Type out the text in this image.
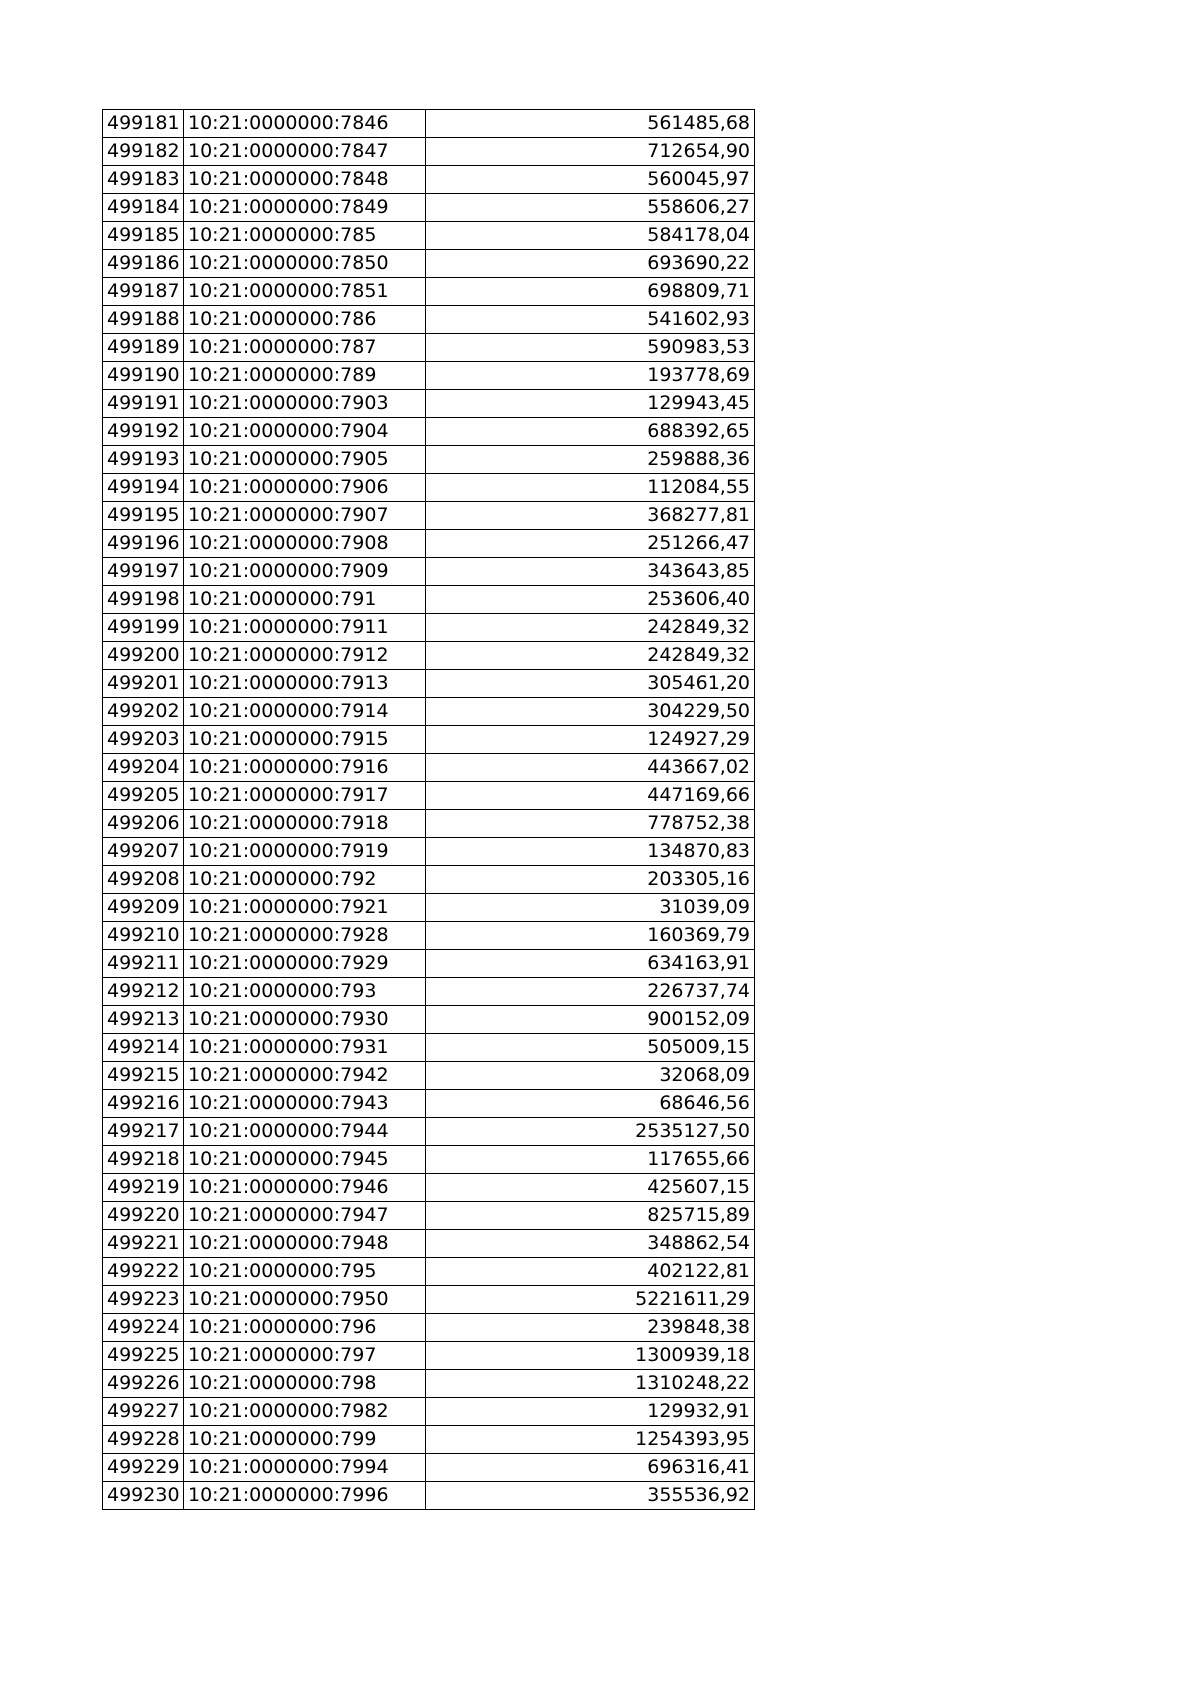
499181	10:21:0000000:7846	561485,68
499182	10:21:0000000:7847	712654,90
499183	10:21:0000000:7848	560045,97
499184	10:21:0000000:7849	558606,27
499185	10:21:0000000:785	584178,04
499186	10:21:0000000:7850	693690,22
499187	10:21:0000000:7851	698809,71
499188	10:21:0000000:786	541602,93
499189	10:21:0000000:787	590983,53
499190	10:21:0000000:789	193778,69
499191	10:21:0000000:7903	129943,45
499192	10:21:0000000:7904	688392,65
499193	10:21:0000000:7905	259888,36
499194	10:21:0000000:7906	112084,55
499195	10:21:0000000:7907	368277,81
499196	10:21:0000000:7908	251266,47
499197	10:21:0000000:7909	343643,85
499198	10:21:0000000:791	253606,40
499199	10:21:0000000:7911	242849,32
499200	10:21:0000000:7912	242849,32
499201	10:21:0000000:7913	305461,20
499202	10:21:0000000:7914	304229,50
499203	10:21:0000000:7915	124927,29
499204	10:21:0000000:7916	443667,02
499205	10:21:0000000:7917	447169,66
499206	10:21:0000000:7918	778752,38
499207	10:21:0000000:7919	134870,83
499208	10:21:0000000:792	203305,16
499209	10:21:0000000:7921	31039,09
499210	10:21:0000000:7928	160369,79
499211	10:21:0000000:7929	634163,91
499212	10:21:0000000:793	226737,74
499213	10:21:0000000:7930	900152,09
499214	10:21:0000000:7931	505009,15
499215	10:21:0000000:7942	32068,09
499216	10:21:0000000:7943	68646,56
499217	10:21:0000000:7944	2535127,50
499218	10:21:0000000:7945	117655,66
499219	10:21:0000000:7946	425607,15
499220	10:21:0000000:7947	825715,89
499221	10:21:0000000:7948	348862,54
499222	10:21:0000000:795	402122,81
499223	10:21:0000000:7950	5221611,29
499224	10:21:0000000:796	239848,38
499225	10:21:0000000:797	1300939,18
499226	10:21:0000000:798	1310248,22
499227	10:21:0000000:7982	129932,91
499228	10:21:0000000:799	1254393,95
499229	10:21:0000000:7994	696316,41
499230	10:21:0000000:7996	355536,92
